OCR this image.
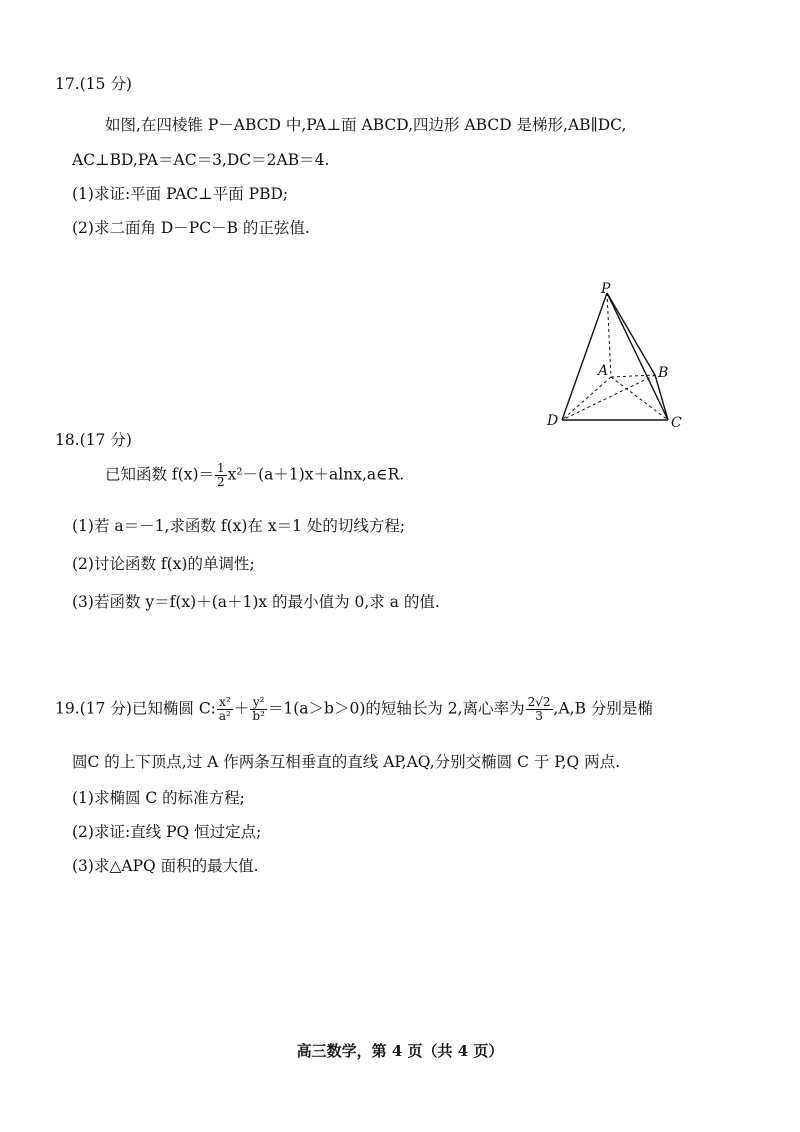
17.(15 分)
如图,在四棱锥 P－ABCD 中,PA⊥面 ABCD,四边形 ABCD 是梯形,AB∥DC,
AC⊥BD,PA＝AC＝3,DC＝2AB＝4.
(1)求证:平面 PAC⊥平面 PBD;
(2)求二面角 D－PC－B 的正弦值.
P
A	B
D	C
18.(17 分)
已知函数 $f(x)= \frac{1}{2}$ x²－(a＋1)x＋alnx,a∈R.
(1)若 a＝－1,求函数 f(x)在 x＝1 处的切线方程;
(2)讨论函数 f(x)的单调性;
(3)若函数 y＝f(x)＋(a＋1)x 的最小值为 0,求 a 的值.
19.(17 分)已知椭圆 C: $\frac{\text{x²}}{\text{a²}} + \frac{\text{y²}}{\text{b²}} =1(a>b>0)$的短轴长为 2,离心率为 $\frac{2√2}{3} ,A,B$ 分别是椭
圆C 的上下顶点,过 A 作两条互相垂直的直线 AP,AQ,分别交椭圆 C 于 P,Q 两点.
(1)求椭圆 C 的标准方程;
(2)求证:直线 PQ 恒过定点;
(3)求△APQ 面积的最大值.
高三数学，第 4 页（共 4 页）
